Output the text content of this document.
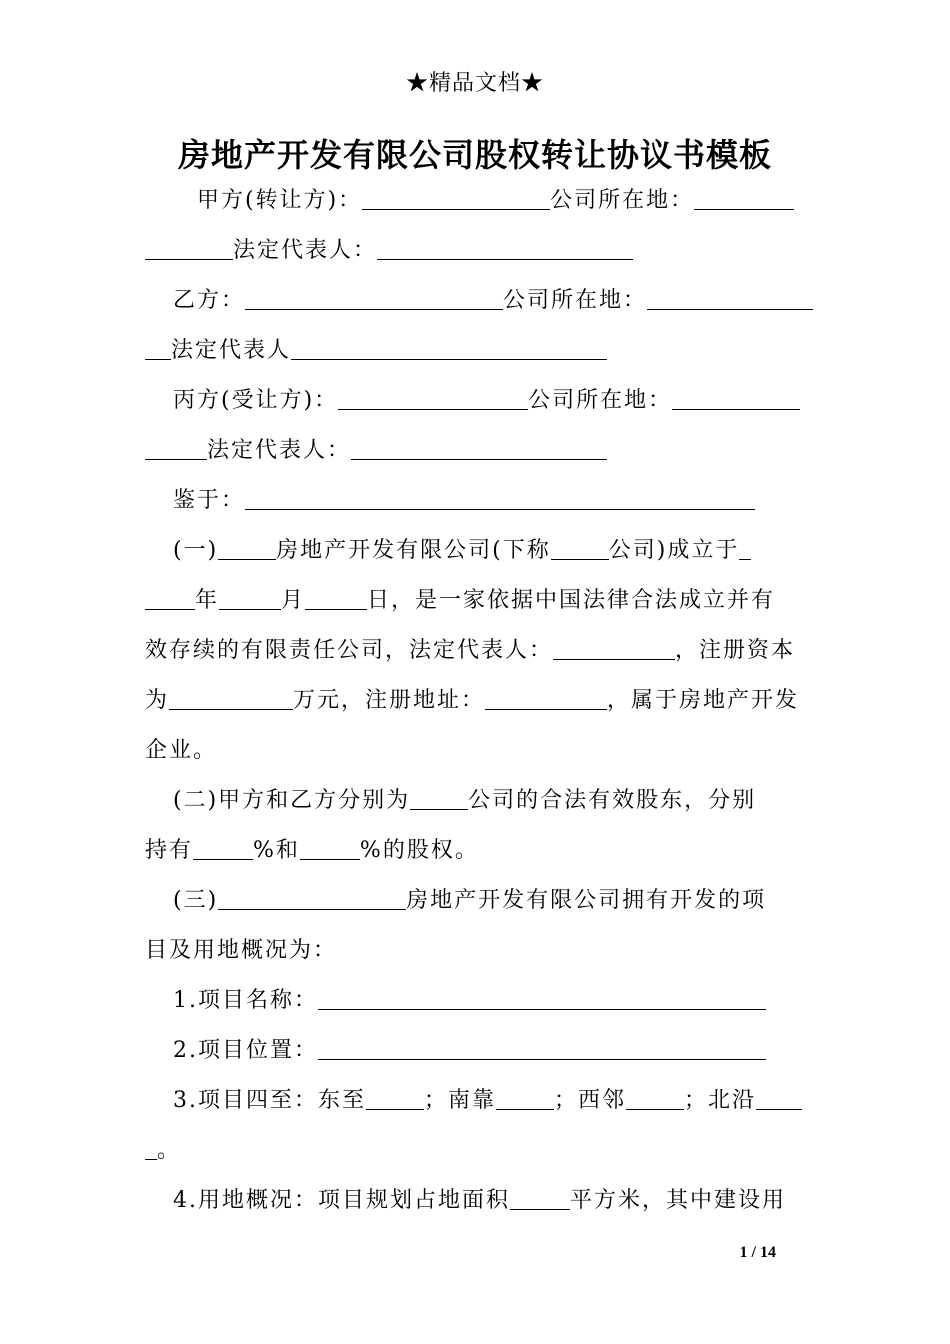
★精品文档★
房地产开发有限公司股权转让协议书模板
甲方(转让方)：	公司所在地：
法定代表人：
乙方：	公司所在地：
法定代表人
丙方(受让方)：	公司所在地：
法定代表人：
鉴于：
(一)	房地产开发有限公司(下称	公司)成立于
年	月	日，是一家依据中国法律合法成立并有
效存续的有限责任公司，法定代表人：	，注册资本
为	万元，注册地址：	，属于房地产开发
企业。
(二)甲方和乙方分别为	公司的合法有效股东，分别
持有	%和	%的股权。
(三)	房地产开发有限公司拥有开发的项
目及用地概况为：
1.项目名称：
2.项目位置：
3.项目四至：东至	；南靠	；西邻	；北沿
。
4.用地概况：项目规划占地面积	平方米，其中建设用
1 / 14
